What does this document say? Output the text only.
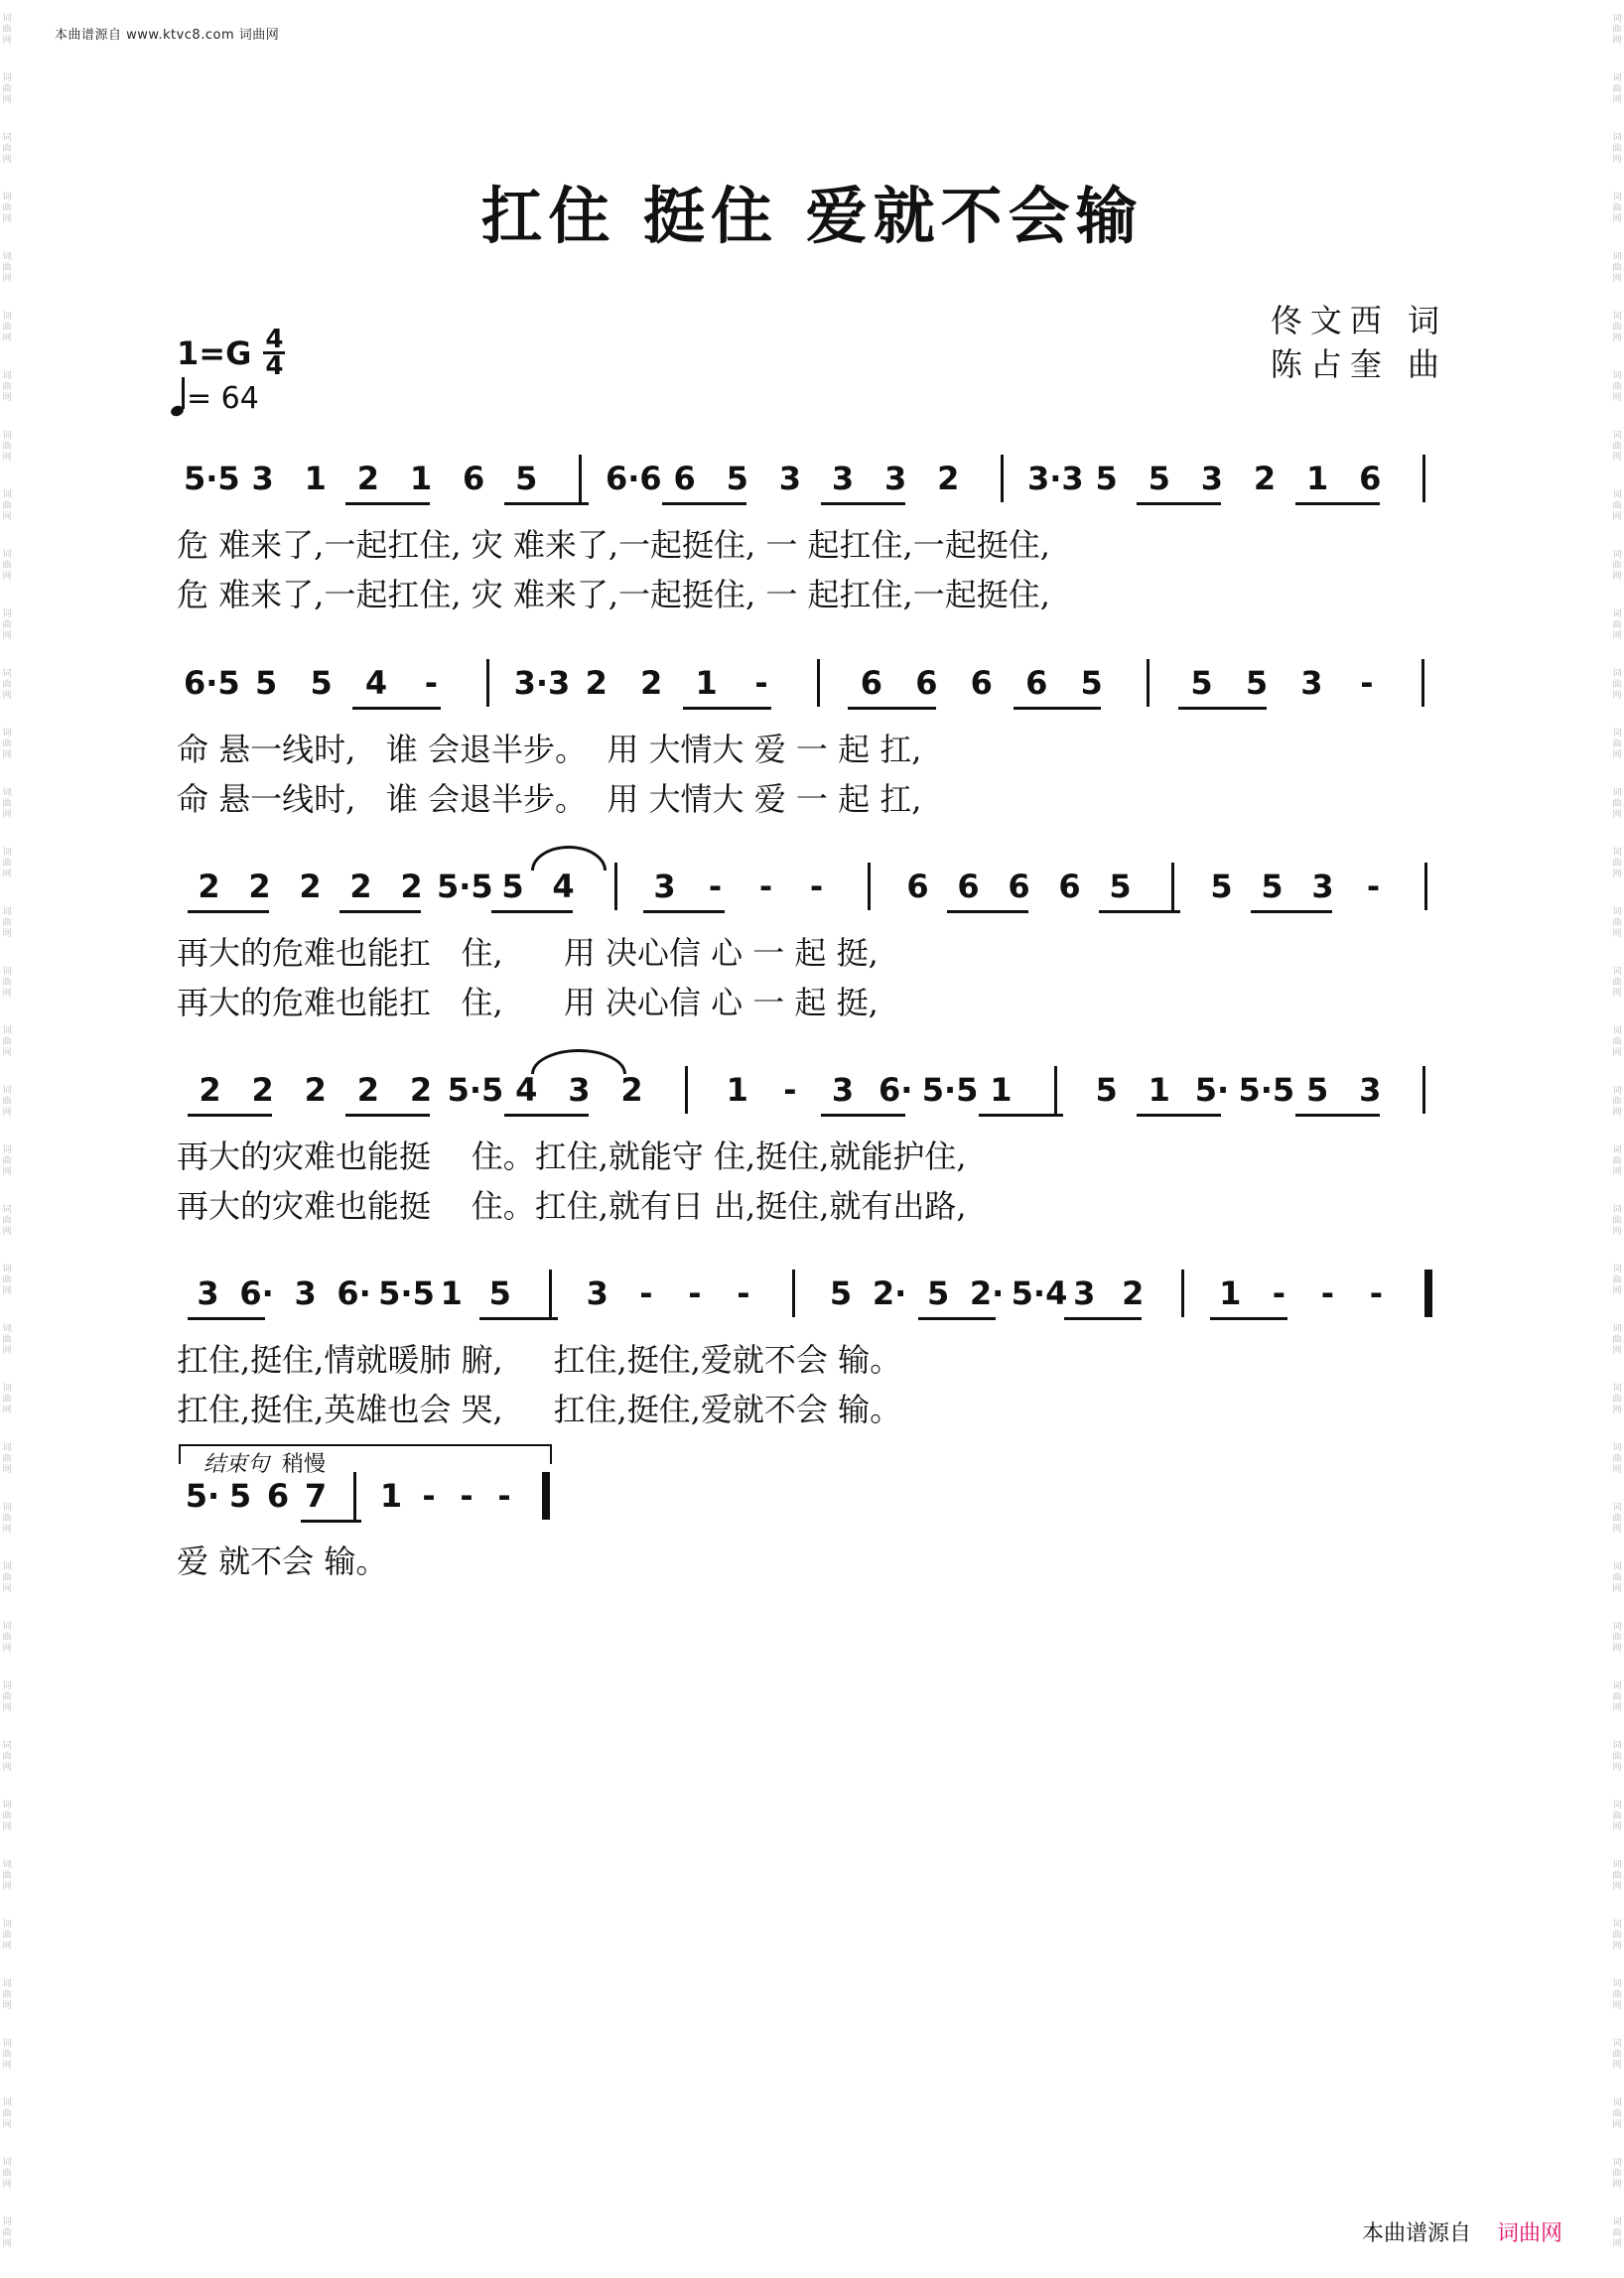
词
曲
网
词
曲
网
词
曲
网
词
曲
网
词
曲
网
词
曲
网
词
曲
网
词
曲
网
词
曲
网
词
曲
网
词
曲
网
词
曲
网
词
曲
网
词
曲
网
词
曲
网
词
曲
网
词
曲
网
词
曲
网
词
曲
网
词
曲
网
词
曲
网
词
曲
网
词
曲
网
词
曲
网
词
曲
网
词
曲
网
词
曲
网
词
曲
网
词
曲
网
词
曲
网
词
曲
网
词
曲
网
词
曲
网
词
曲
网
词
曲
网
词
曲
网
词
曲
网
词
曲
网
词
曲
网
词
曲
网
词
曲
网
词
曲
网
词
曲
网
词
曲
网
词
曲
网
词
曲
网
词
曲
网
词
曲
网
词
曲
网
词
曲
网
词
曲
网
词
曲
网
词
曲
网
词
曲
网
词
曲
网
词
曲
网
词
曲
网
词
曲
网
词
曲
网
词
曲
网
词
曲
网
词
曲
网
词
曲
网
词
曲
网
词
曲
网
词
曲
网
词
曲
网
词
曲
网
词
曲
网
词
曲
网
词
曲
网
词
曲
网
词
曲
网
词
曲
网
词
曲
网
词
曲
网
本曲谱源自 www.ktvc8.com 词曲网
扛住 挺住 爱就不会输
佟文西 词
陈占奎 曲
1=G 4
4
= 64
5·5 3 1 2 1 6 5	6·6 6 5 3 3 3 2	3·3 5 5 3 2 1 6
危 难来了,一起扛住, 灾 难来了,一起挺住, 一 起扛住,一起挺住,
危 难来了,一起扛住, 灾 难来了,一起挺住, 一 起扛住,一起挺住,
6·5 5	5	4	-	3·3 2	2	1	-	6	6	6	6	5	5	5	3	-
命 悬一线时,   谁 会退半步。  用 大情大 爱 一 起 扛,
命 悬一线时,   谁 会退半步。  用 大情大 爱 一 起 扛,
2 2 2 2 2 5·5 5 4	3	-	-	-	6 6 6 6 5	5 5 3	-
再大的危难也能扛   住,      用 决心信 心 一 起 挺,
再大的危难也能扛   住,      用 决心信 心 一 起 挺,
2 2 2 2 2 5·5 4 3 2	1	-	3 6· 5·5 1	5 1 5· 5·5 5 3
再大的灾难也能挺    住。扛住,就能守 住,挺住,就能护住,
再大的灾难也能挺    住。扛住,就有日 出,挺住,就有出路,
3 6· 3 6· 5·5 1 5	3 -	-	-	5 2· 5 2· 5·4 3 2	1 -	-	-
扛住,挺住,情就暖肺 腑,     扛住,挺住,爱就不会 输。
扛住,挺住,英雄也会 哭,     扛住,挺住,爱就不会 输。
结束句 稍慢
5· 5 6 7 1 - - -
爱 就不会 输。
本曲谱源自 词曲网
